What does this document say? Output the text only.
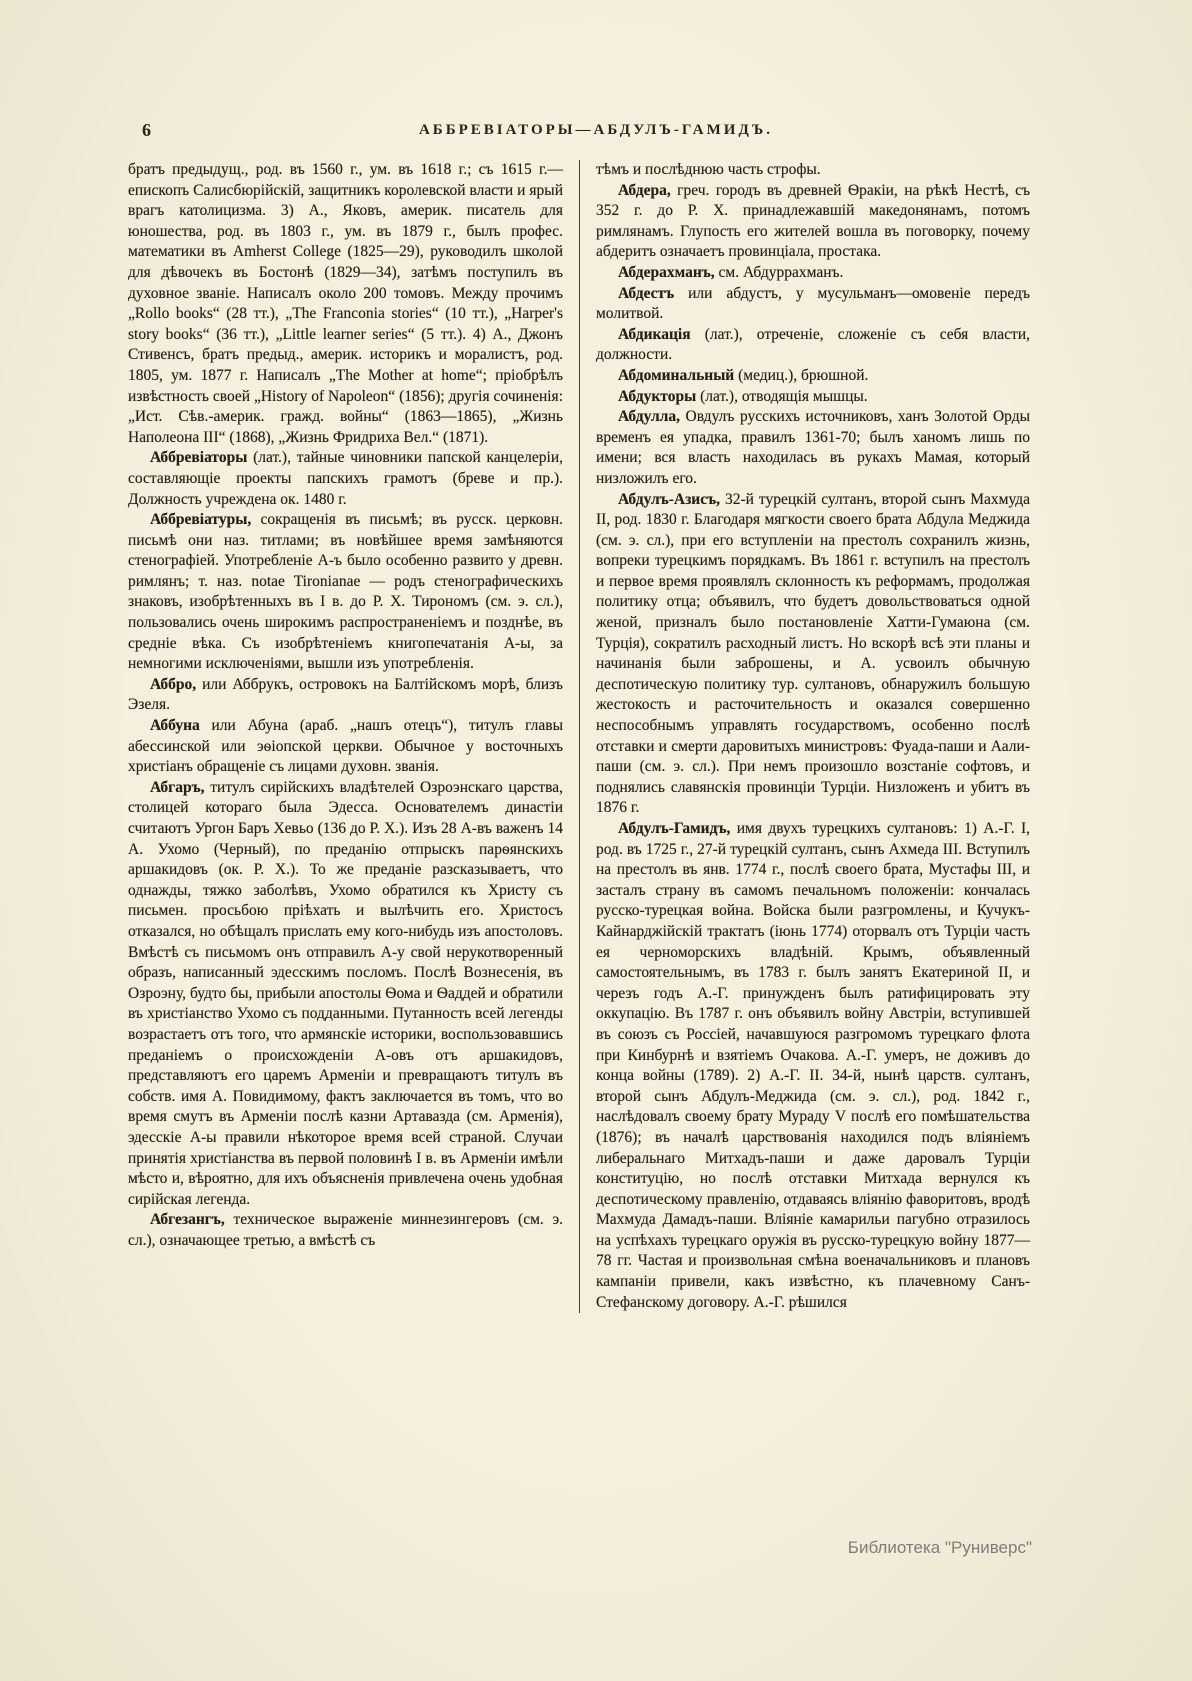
6	АББРЕВІАТОРЫ—АБДУЛЪ-ГАМИДЪ.

братъ предыдущ., род. въ 1560 г., ум. въ 1618 г.; съ 1615 г.—епископъ Салисбюрійскій, защитникъ королевской власти и ярый врагъ католицизма. 3) А., Яковъ, америк. писатель для юношества, род. въ 1803 г., ум. въ 1879 г., былъ профес. математики въ Amherst College (1825—29), руководилъ школой для дѣвочекъ въ Бостонѣ (1829—34), затѣмъ поступилъ въ духовное званіе. Написалъ около 200 томовъ. Между прочимъ „Rollo books“ (28 тт.), „The Franconia stories“ (10 тт.), „Harper's story books“ (36 тт.), „Little learner series“ (5 тт.). 4) А., Джонъ Стивенсъ, братъ предыд., америк. историкъ и моралистъ, род. 1805, ум. 1877 г. Написалъ „The Mother at home“; пріобрѣлъ извѣстность своей „History of Napoleon“ (1856); другія сочиненія: „Ист. Сѣв.-америк. гражд. войны“ (1863—1865), „Жизнь Наполеона III“ (1868), „Жизнь Фридриха Вел.“ (1871).

Аббревіаторы (лат.), тайные чиновники папской канцелеріи, составляющіе проекты папскихъ грамотъ (бреве и пр.). Должность учреждена ок. 1480 г.

Аббревіатуры, сокращенія въ письмѣ; въ русск. церковн. письмѣ они наз. титлами; въ новѣйшее время замѣняются стенографіей. Употребленіе А-ъ было особенно развито у древн. римлянъ; т. наз. notae Tironianae — родъ стенографическихъ знаковъ, изобрѣтенныхъ въ I в. до Р. X. Тирономъ (см. э. сл.), пользовались очень широкимъ распространеніемъ и позднѣе, въ средніе вѣка. Съ изобрѣтеніемъ книгопечатанія А-ы, за немногими исключеніями, вышли изъ употребленія.

Аббро, или Аббрукъ, островокъ на Балтійскомъ морѣ, близъ Эзеля.

Аббуна или Абуна (араб. „нашъ отецъ“), титулъ главы абессинской или эѳіопской церкви. Обычное у восточныхъ христіанъ обращеніе съ лицами духовн. званія.

Абгаръ, титулъ сирійскихъ владѣтелей Озроэнскаго царства, столицей котораго была Эдесса. Основателемъ династіи считаютъ Ургон Баръ Хевьо (136 до Р. X.). Изъ 28 А-въ важенъ 14 А. Ухомо (Черный), по преданію отпрыскъ парѳянскихъ аршакидовъ (ок. Р. X.). То же преданіе разсказываетъ, что однажды, тяжко заболѣвъ, Ухомо обратился къ Христу съ письмен. просьбою пріѣхать и вылѣчить его. Христосъ отказался, но обѣщалъ прислать ему кого-нибудь изъ апостоловъ. Вмѣстѣ съ письмомъ онъ отправилъ А-у свой нерукотворенный образъ, написанный эдесскимъ посломъ. Послѣ Вознесенія, въ Озроэну, будто бы, прибыли апостолы Ѳома и Ѳаддей и обратили въ христіанство Ухомо съ подданными. Путанность всей легенды возрастаетъ отъ того, что армянскіе историки, воспользовавшись преданіемъ о происхожденіи А-овъ отъ аршакидовъ, представляютъ его царемъ Арменіи и превращаютъ титулъ въ собств. имя А. Повидимому, фактъ заключается въ томъ, что во время смутъ въ Арменіи послѣ казни Артавазда (см. Арменія), эдесскіе А-ы правили нѣкоторое время всей страной. Случаи принятія христіанства въ первой половинѣ I в. въ Арменіи имѣли мѣсто и, вѣроятно, для ихъ объясненія привлечена очень удобная сирійская легенда.

Абгезангъ, техническое выраженіе миннезингеровъ (см. э. сл.), означающее третью, а вмѣстѣ съ

тѣмъ и послѣднюю часть строфы.

Абдера, греч. городъ въ древней Ѳракіи, на рѣкѣ Нестѣ, съ 352 г. до Р. X. принадлежавшій македонянамъ, потомъ римлянамъ. Глупость его жителей вошла въ поговорку, почему абдеритъ означаетъ провинціала, простака.

Абдерахманъ, см. Абдуррахманъ.

Абдестъ или абдустъ, у мусульманъ—омовеніе передъ молитвой.

Абдикація (лат.), отреченіе, сложеніе съ себя власти, должности.

Абдоминальный (медиц.), брюшной.

Абдукторы (лат.), отводящія мышцы.

Абдулла, Овдулъ русскихъ источниковъ, ханъ Золотой Орды временъ ея упадка, правилъ 1361-70; былъ ханомъ лишь по имени; вся власть находилась въ рукахъ Мамая, который низложилъ его.

Абдулъ-Азисъ, 32-й турецкій султанъ, второй сынъ Махмуда II, род. 1830 г. Благодаря мягкости своего брата Абдула Меджида (см. э. сл.), при его вступленіи на престолъ сохранилъ жизнь, вопреки турецкимъ порядкамъ. Въ 1861 г. вступилъ на престолъ и первое время проявлялъ склонность къ реформамъ, продолжая политику отца; объявилъ, что будетъ довольствоваться одной женой, призналъ было постановленіе Хатти-Гумаюна (см. Турція), сократилъ расходный листъ. Но вскорѣ всѣ эти планы и начинанія были заброшены, и А. усвоилъ обычную деспотическую политику тур. султановъ, обнаружилъ большую жестокость и расточительность и оказался совершенно неспособнымъ управлять государствомъ, особенно послѣ отставки и смерти даровитыхъ министровъ: Фуада-паши и Аали-паши (см. э. сл.). При немъ произошло возстаніе софтовъ, и поднялись славянскія провинціи Турціи. Низложенъ и убитъ въ 1876 г.

Абдулъ-Гамидъ, имя двухъ турецкихъ султановъ: 1) А.-Г. I, род. въ 1725 г., 27-й турецкій султанъ, сынъ Ахмеда III. Вступилъ на престолъ въ янв. 1774 г., послѣ своего брата, Мустафы III, и засталъ страну въ самомъ печальномъ положеніи: кончалась русско-турецкая война. Войска были разгромлены, и Кучукъ-Кайнарджійскій трактатъ (іюнь 1774) оторвалъ отъ Турціи часть ея черноморскихъ владѣній. Крымъ, объявленный самостоятельнымъ, въ 1783 г. былъ занятъ Екатериной II, и черезъ годъ А.-Г. принужденъ былъ ратифицировать эту оккупацію. Въ 1787 г. онъ объявилъ войну Австріи, вступившей въ союзъ съ Россіей, начавшуюся разгромомъ турецкаго флота при Кинбурнѣ и взятіемъ Очакова. А.-Г. умеръ, не доживъ до конца войны (1789). 2) А.-Г. II. 34-й, нынѣ царств. султанъ, второй сынъ Абдулъ-Меджида (см. э. сл.), род. 1842 г., наслѣдовалъ своему брату Мураду V послѣ его помѣшательства (1876); въ началѣ царствованія находился подъ вліяніемъ либеральнаго Митхадъ-паши и даже даровалъ Турціи конституцію, но послѣ отставки Митхада вернулся къ деспотическому правленію, отдаваясь вліянію фаворитовъ, вродѣ Махмуда Дамадъ-паши. Вліяніе камарильи пагубно отразилось на успѣхахъ турецкаго оружія въ русско-турецкую войну 1877—78 гг. Частая и произвольная смѣна военачальниковъ и плановъ кампаніи привели, какъ извѣстно, къ плачевному Санъ-Стефанскому договору. А.-Г. рѣшился

Библиотека "Руниверс"
